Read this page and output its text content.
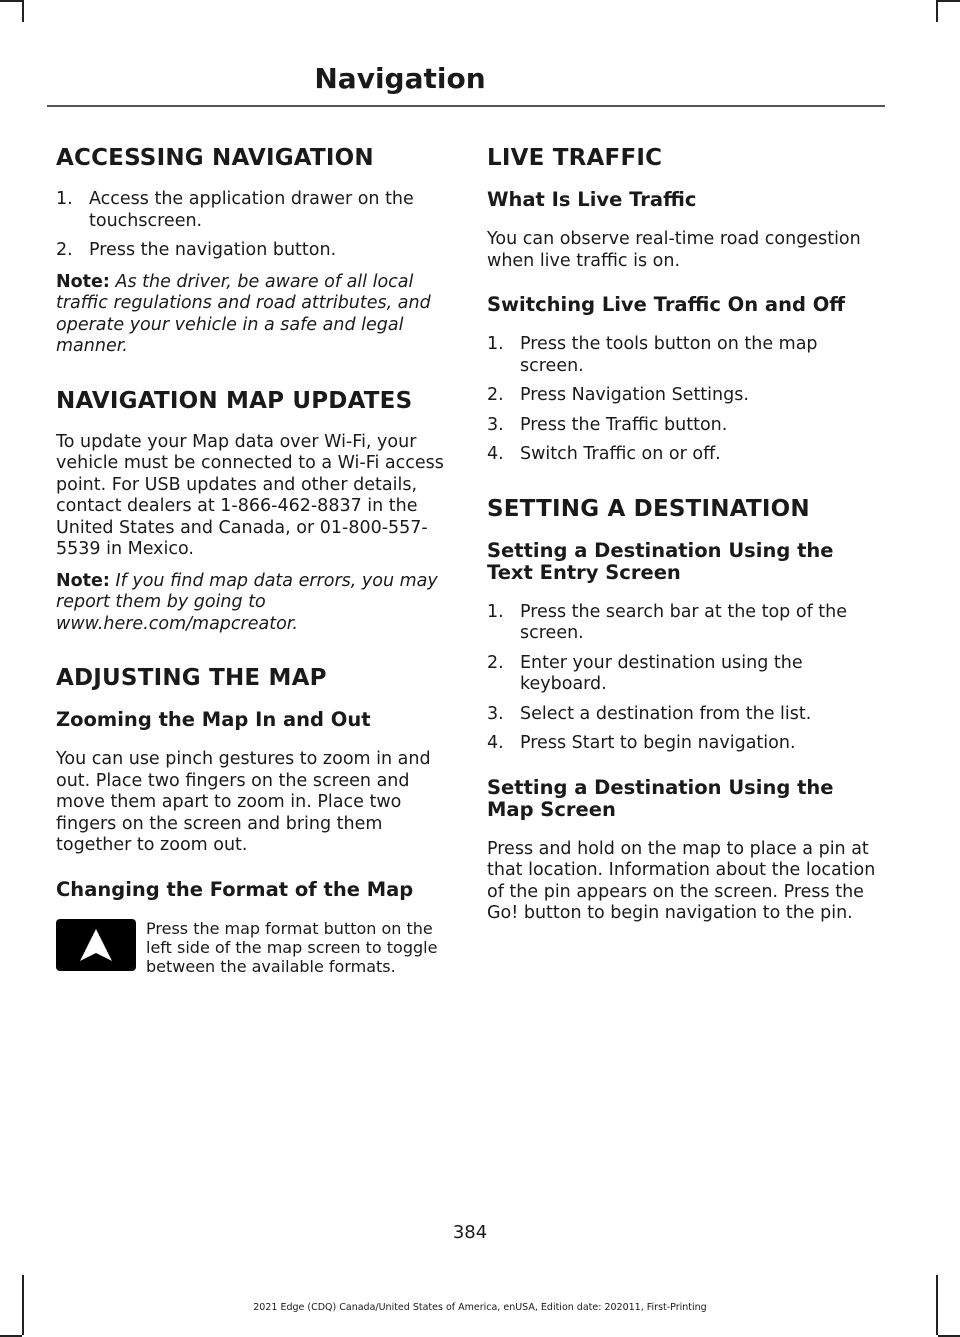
Navigation
ACCESSING NAVIGATION
1. Access the application drawer on the touchscreen.
2. Press the navigation button.

Note: As the driver, be aware of all local traffic regulations and road attributes, and operate your vehicle in a safe and legal manner.

NAVIGATION MAP UPDATES

To update your Map data over Wi-Fi, your vehicle must be connected to a Wi-Fi access point. For USB updates and other details, contact dealers at 1-866-462-8837 in the United States and Canada, or 01-800-557-5539 in Mexico.

Note: If you find map data errors, you may report them by going to www.here.com/mapcreator.

ADJUSTING THE MAP
Zooming the Map In and Out

You can use pinch gestures to zoom in and out. Place two fingers on the screen and move them apart to zoom in. Place two fingers on the screen and bring them together to zoom out.

Changing the Format of the Map
Press the map format button on the left side of the map screen to toggle between the available formats.
LIVE TRAFFIC
What Is Live Traffic

You can observe real-time road congestion when live traffic is on.

Switching Live Traffic On and Off
1. Press the tools button on the map screen.
2. Press Navigation Settings.
3. Press the Traffic button.
4. Switch Traffic on or off.
SETTING A DESTINATION
Setting a Destination Using the Text Entry Screen
1. Press the search bar at the top of the screen.
2. Enter your destination using the keyboard.
3. Select a destination from the list.
4. Press Start to begin navigation.
Setting a Destination Using the Map Screen

Press and hold on the map to place a pin at that location. Information about the location of the pin appears on the screen. Press the Go! button to begin navigation to the pin.

384
2021 Edge (CDQ) Canada/United States of America, enUSA, Edition date: 202011, First-Printing
